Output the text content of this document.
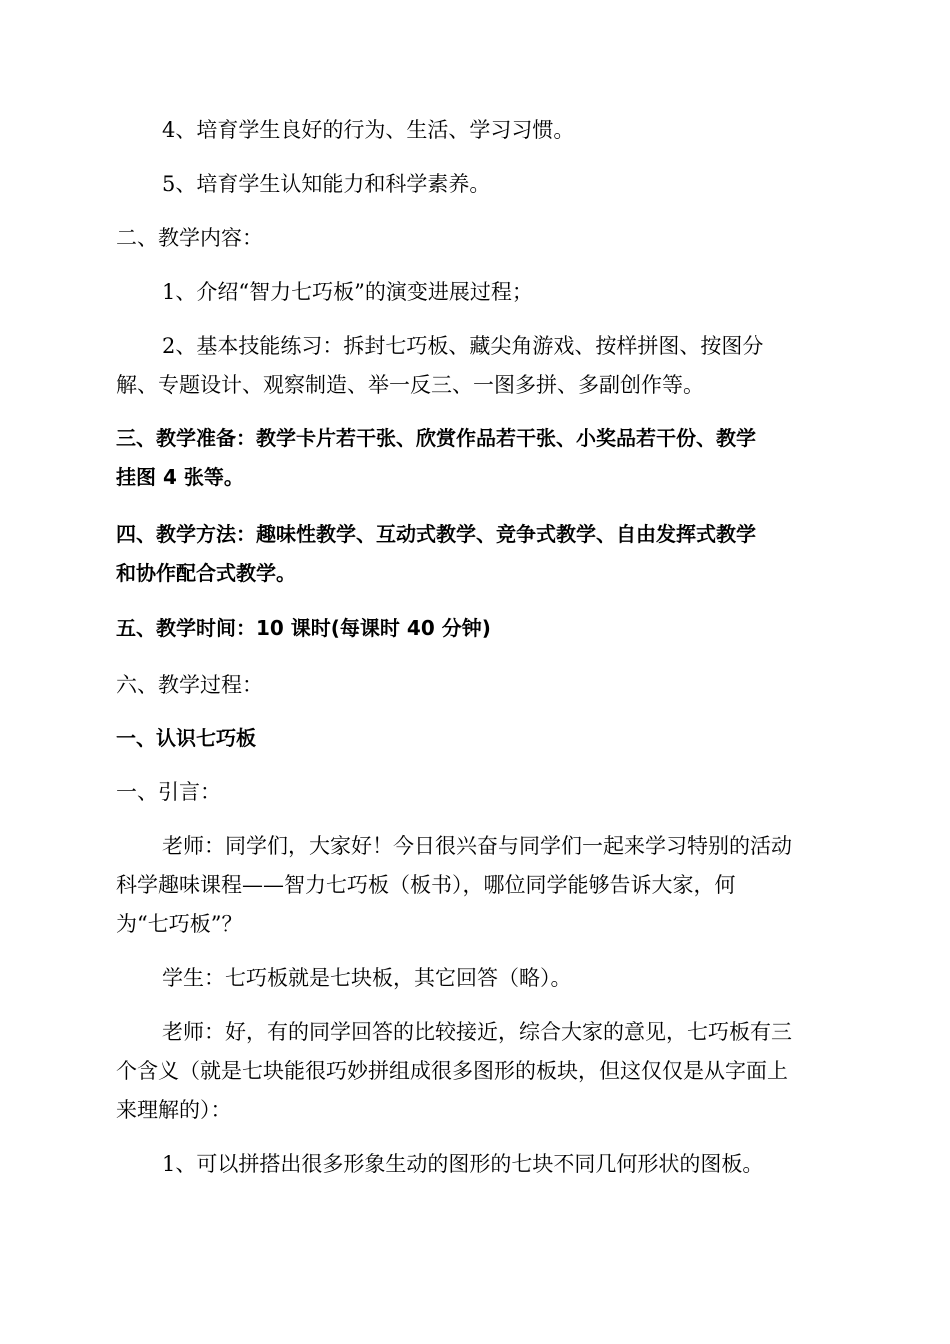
4、培育学生良好的行为、生活、学习习惯。
5、培育学生认知能力和科学素养。
二、教学内容：
1、介绍“智力七巧板”的演变进展过程；
2、基本技能练习：拆封七巧板、藏尖角游戏、按样拼图、按图分
解、专题设计、观察制造、举一反三、一图多拼、多副创作等。
三、教学准备：教学卡片若干张、欣赏作品若干张、小奖品若干份、教学
挂图 4 张等。
四、教学方法：趣味性教学、互动式教学、竞争式教学、自由发挥式教学
和协作配合式教学。
五、教学时间：10 课时(每课时 40 分钟)
六、教学过程：
一、认识七巧板
一、引言：
老师：同学们，大家好！今日很兴奋与同学们一起来学习特别的活动
科学趣味课程——智力七巧板（板书），哪位同学能够告诉大家，何
为“七巧板”？
学生：七巧板就是七块板，其它回答（略）。
老师：好，有的同学回答的比较接近，综合大家的意见，七巧板有三
个含义（就是七块能很巧妙拼组成很多图形的板块，但这仅仅是从字面上
来理解的）：
1、可以拼搭出很多形象生动的图形的七块不同几何形状的图板。
